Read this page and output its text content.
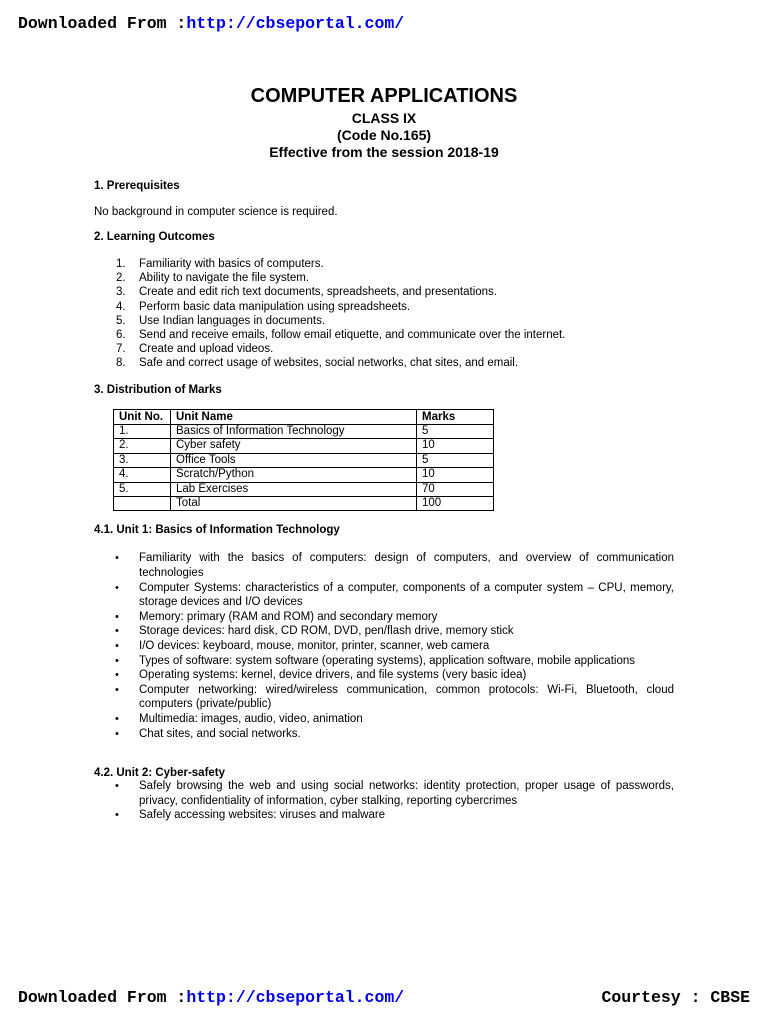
Downloaded From :http://cbseportal.com/
COMPUTER APPLICATIONS

CLASS IX

(Code No.165)

Effective from the session 2018-19

1. Prerequisites

No background in computer science is required.

2. Learning Outcomes

1. Familiarity with basics of computers.
2. Ability to navigate the file system.
3. Create and edit rich text documents, spreadsheets, and presentations.
4. Perform basic data manipulation using spreadsheets.
5. Use Indian languages in documents.
6. Send and receive emails, follow email etiquette, and communicate over the internet.
7. Create and upload videos.
8. Safe and correct usage of websites, social networks, chat sites, and email.

3. Distribution of Marks

Unit No.	Unit Name	Marks
1.	Basics of Information Technology	5
2.	Cyber safety	10
3.	Office Tools	5
4.	Scratch/Python	10
5.	Lab Exercises	70
	Total	100

4.1. Unit 1: Basics of Information Technology

• Familiarity with the basics of computers: design of computers, and overview of communication technologies
• Computer Systems: characteristics of a computer, components of a computer system – CPU, memory, storage devices and I/O devices
• Memory: primary (RAM and ROM) and secondary memory
• Storage devices: hard disk, CD ROM, DVD, pen/flash drive, memory stick
• I/O devices: keyboard, mouse, monitor, printer, scanner, web camera
• Types of software: system software (operating systems), application software, mobile applications
• Operating systems: kernel, device drivers, and file systems (very basic idea)
• Computer networking: wired/wireless communication, common protocols: Wi-Fi, Bluetooth, cloud computers (private/public)
• Multimedia: images, audio, video, animation
• Chat sites, and social networks.

4.2. Unit 2: Cyber-safety

• Safely browsing the web and using social networks: identity protection, proper usage of passwords, privacy, confidentiality of information, cyber stalking, reporting cybercrimes
• Safely accessing websites: viruses and malware
Downloaded From :http://cbseportal.com/	Courtesy : CBSE
